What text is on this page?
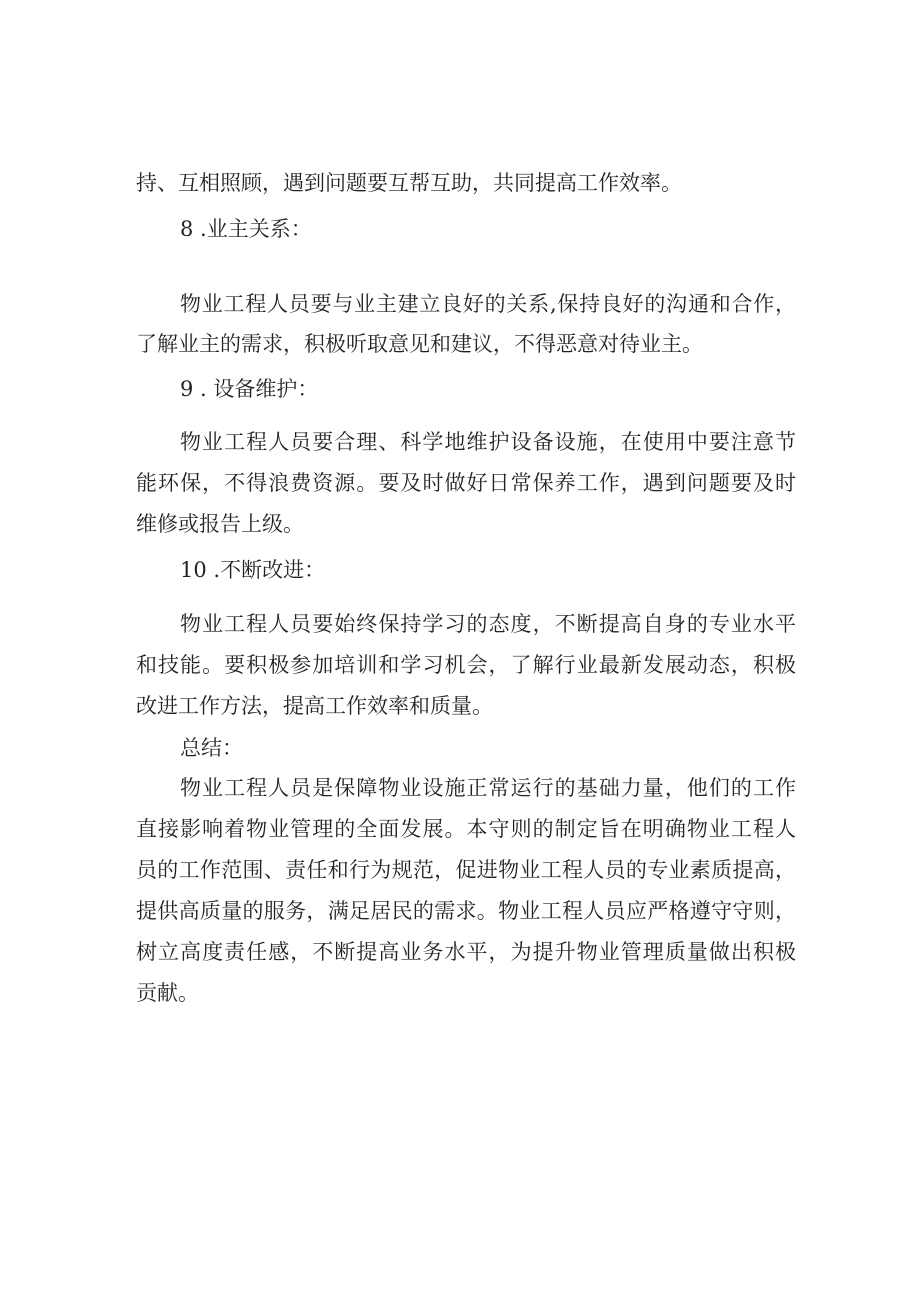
持、互相照顾，遇到问题要互帮互助，共同提高工作效率。
8 .业主关系：
物业工程人员要与业主建立良好的关系,保持良好的沟通和合作，
了解业主的需求，积极听取意见和建议，不得恶意对待业主。
9 . 设备维护：
物业工程人员要合理、科学地维护设备设施，在使用中要注意节
能环保，不得浪费资源。要及时做好日常保养工作，遇到问题要及时
维修或报告上级。
10 .不断改进：
物业工程人员要始终保持学习的态度，不断提高自身的专业水平
和技能。要积极参加培训和学习机会，了解行业最新发展动态，积极
改进工作方法，提高工作效率和质量。
总结：
物业工程人员是保障物业设施正常运行的基础力量，他们的工作
直接影响着物业管理的全面发展。本守则的制定旨在明确物业工程人
员的工作范围、责任和行为规范，促进物业工程人员的专业素质提高，
提供高质量的服务，满足居民的需求。物业工程人员应严格遵守守则，
树立高度责任感，不断提高业务水平，为提升物业管理质量做出积极
贡献。
